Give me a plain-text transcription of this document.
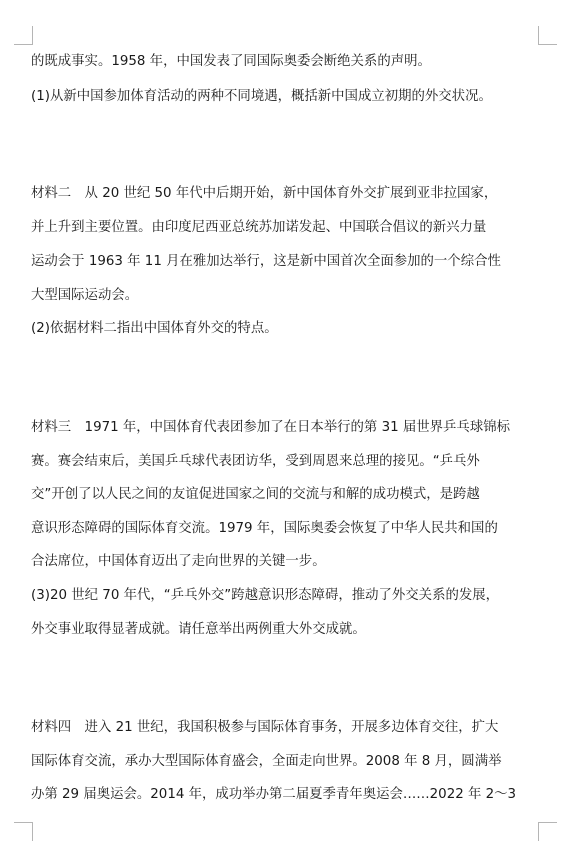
的既成事实。1958 年，中国发表了同国际奥委会断绝关系的声明。
(1)从新中国参加体育活动的两种不同境遇，概括新中国成立初期的外交状况。
材料二　从 20 世纪 50 年代中后期开始，新中国体育外交扩展到亚非拉国家，
并上升到主要位置。由印度尼西亚总统苏加诺发起、中国联合倡议的新兴力量
运动会于 1963 年 11 月在雅加达举行，这是新中国首次全面参加的一个综合性
大型国际运动会。
(2)依据材料二指出中国体育外交的特点。
材料三　1971 年，中国体育代表团参加了在日本举行的第 31 届世界乒乓球锦标
赛。赛会结束后，美国乒乓球代表团访华，受到周恩来总理的接见。“乒乓外
交”开创了以人民之间的友谊促进国家之间的交流与和解的成功模式，是跨越
意识形态障碍的国际体育交流。1979 年，国际奥委会恢复了中华人民共和国的
合法席位，中国体育迈出了走向世界的关键一步。
(3)20 世纪 70 年代，“乒乓外交”跨越意识形态障碍，推动了外交关系的发展，
外交事业取得显著成就。请任意举出两例重大外交成就。
材料四　进入 21 世纪，我国积极参与国际体育事务，开展多边体育交往，扩大
国际体育交流，承办大型国际体育盛会，全面走向世界。2008 年 8 月，圆满举
办第 29 届奥运会。2014 年，成功举办第二届夏季青年奥运会……2022 年 2～3
